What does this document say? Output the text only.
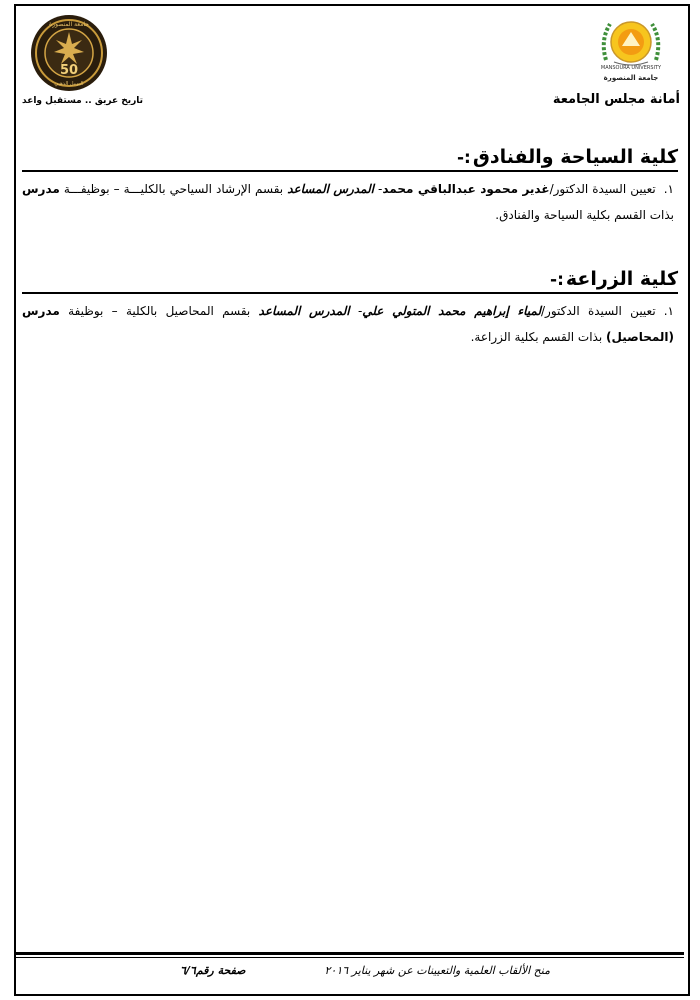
جامعة المنصورة
50
اليوبيل الذهبي
تاريخ عريق .. مستقبل واعد
MANSOURA UNIVERSITY
جامعة المنصورة
أمانة مجلس الجامعة
كلية السياحة والفنادق
:-

١.تعيين السيدة الدكتور/غدير محمود عبدالباقي محمد- المدرس المساعد بقسم الإرشاد السياحي بالكليـــة – بوظيفـــة مدرس بذات القسم بكلية السياحة والفنادق.

كلية الزراعة
:-

١.تعيين السيدة الدكتور/لمياء إبراهيم محمد المتولي علي- المدرس المساعد بقسم المحاصيل بالكلية – بوظيفة مدرس (المحاصيل) بذات القسم بكلية الزراعة.

منح الألقاب العلمية والتعيينات عن شهر يناير ٢٠١٦
صفحة رقم٦/٦
